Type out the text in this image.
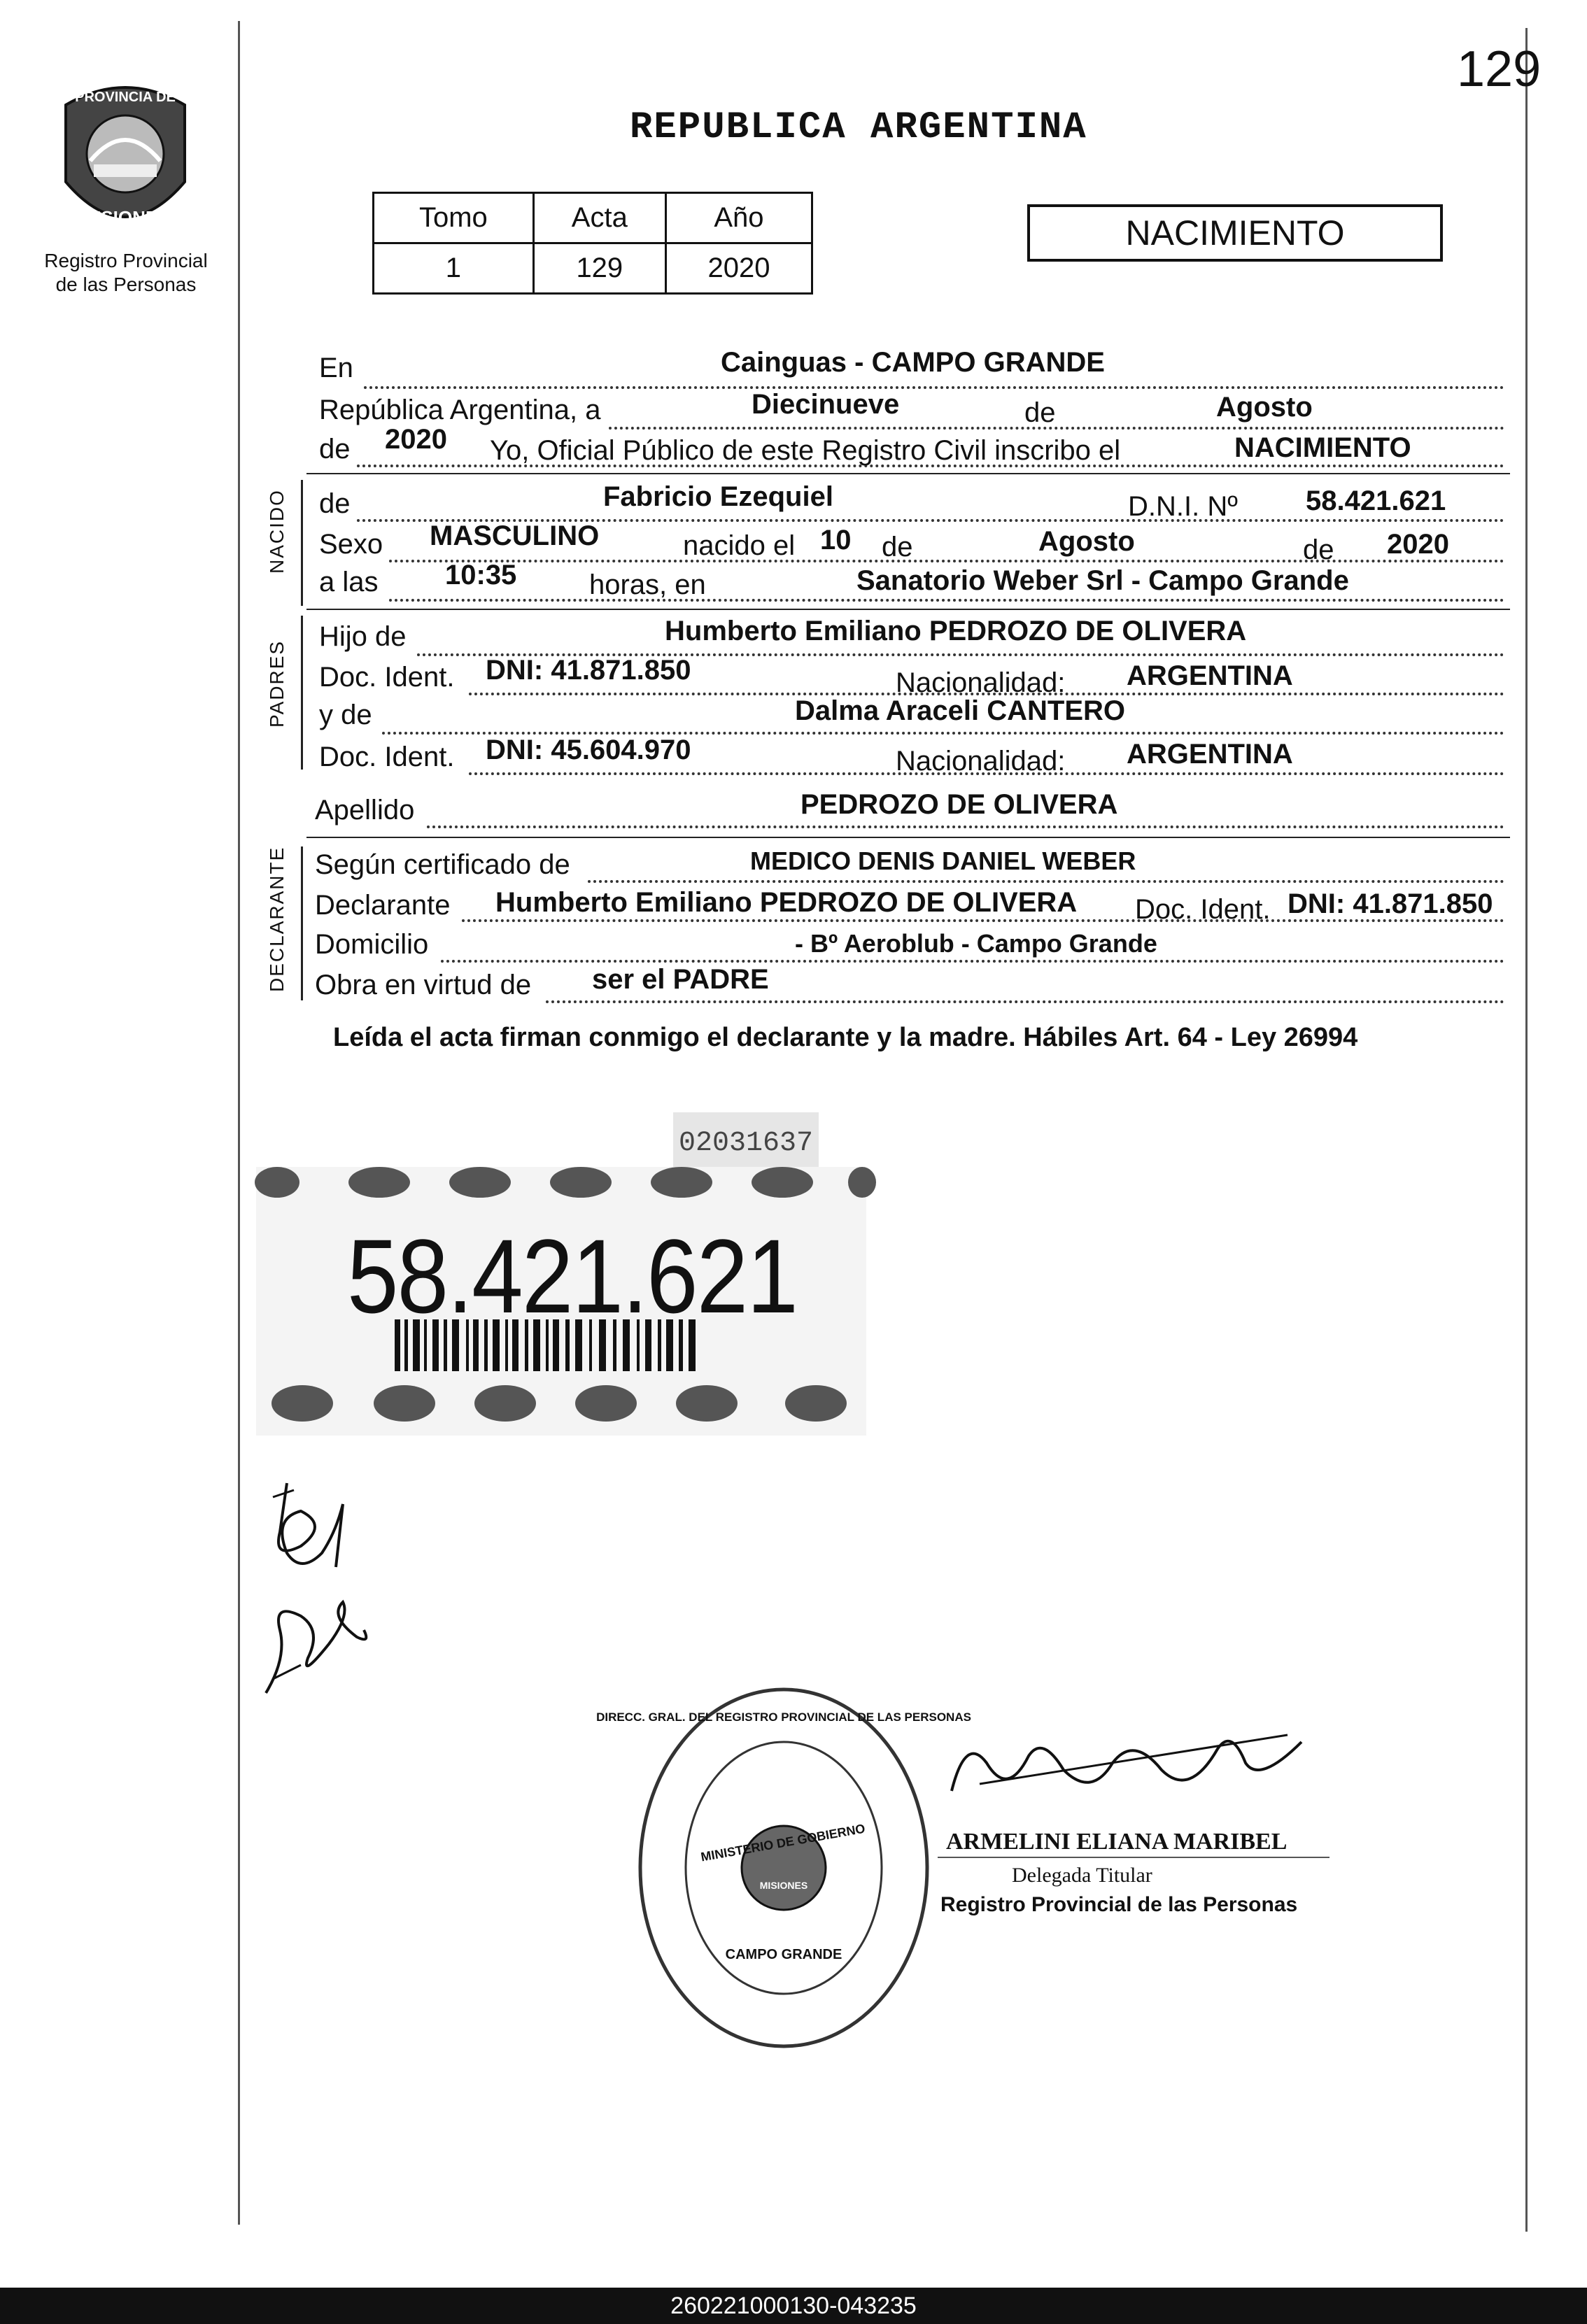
129
PROVINCIA DE
MISIONES
Registro Provincial
de las Personas
REPUBLICA ARGENTINA
Tomo	Acta	Año
1	129	2020
NACIMIENTO
En	Cainguas - CAMPO GRANDE
República Argentina, a	Diecinueve	de	Agosto
de 2020 Yo, Oficial Público de este Registro Civil inscribo el	NACIMIENTO
NACIDO de	Fabricio Ezequiel	D.N.I. Nº 58.421.621
Sexo MASCULINO	nacido el 10 de	Agosto	de 2020
a las 10:35	horas, en	Sanatorio Weber Srl - Campo Grande
PADRES
Hijo de	Humberto Emiliano PEDROZO DE OLIVERA
Doc. Ident. DNI: 41.871.850	Nacionalidad: ARGENTINA
y de	Dalma Araceli CANTERO
Doc. Ident. DNI: 45.604.970	Nacionalidad: ARGENTINA
Apellido	PEDROZO DE OLIVERA
DECLARANTE Según certificado de	MEDICO DENIS DANIEL WEBER
Declarante Humberto Emiliano PEDROZO DE OLIVERA Doc. Ident. DNI: 41.871.850
Domicilio	- Bº Aeroblub - Campo Grande
Obra en virtud de ser el PADRE
Leída el acta firman conmigo el declarante y la madre. Hábiles Art. 64 - Ley 26994
02031637
58.421.621
MINISTERIO DE GOBIERNO
MISIONES
CAMPO GRANDE
DIRECC. GRAL. DEL REGISTRO PROVINCIAL DE LAS PERSONAS
ARMELINI ELIANA MARIBEL
Delegada Titular
Registro Provincial de las Personas
260221000130-043235
